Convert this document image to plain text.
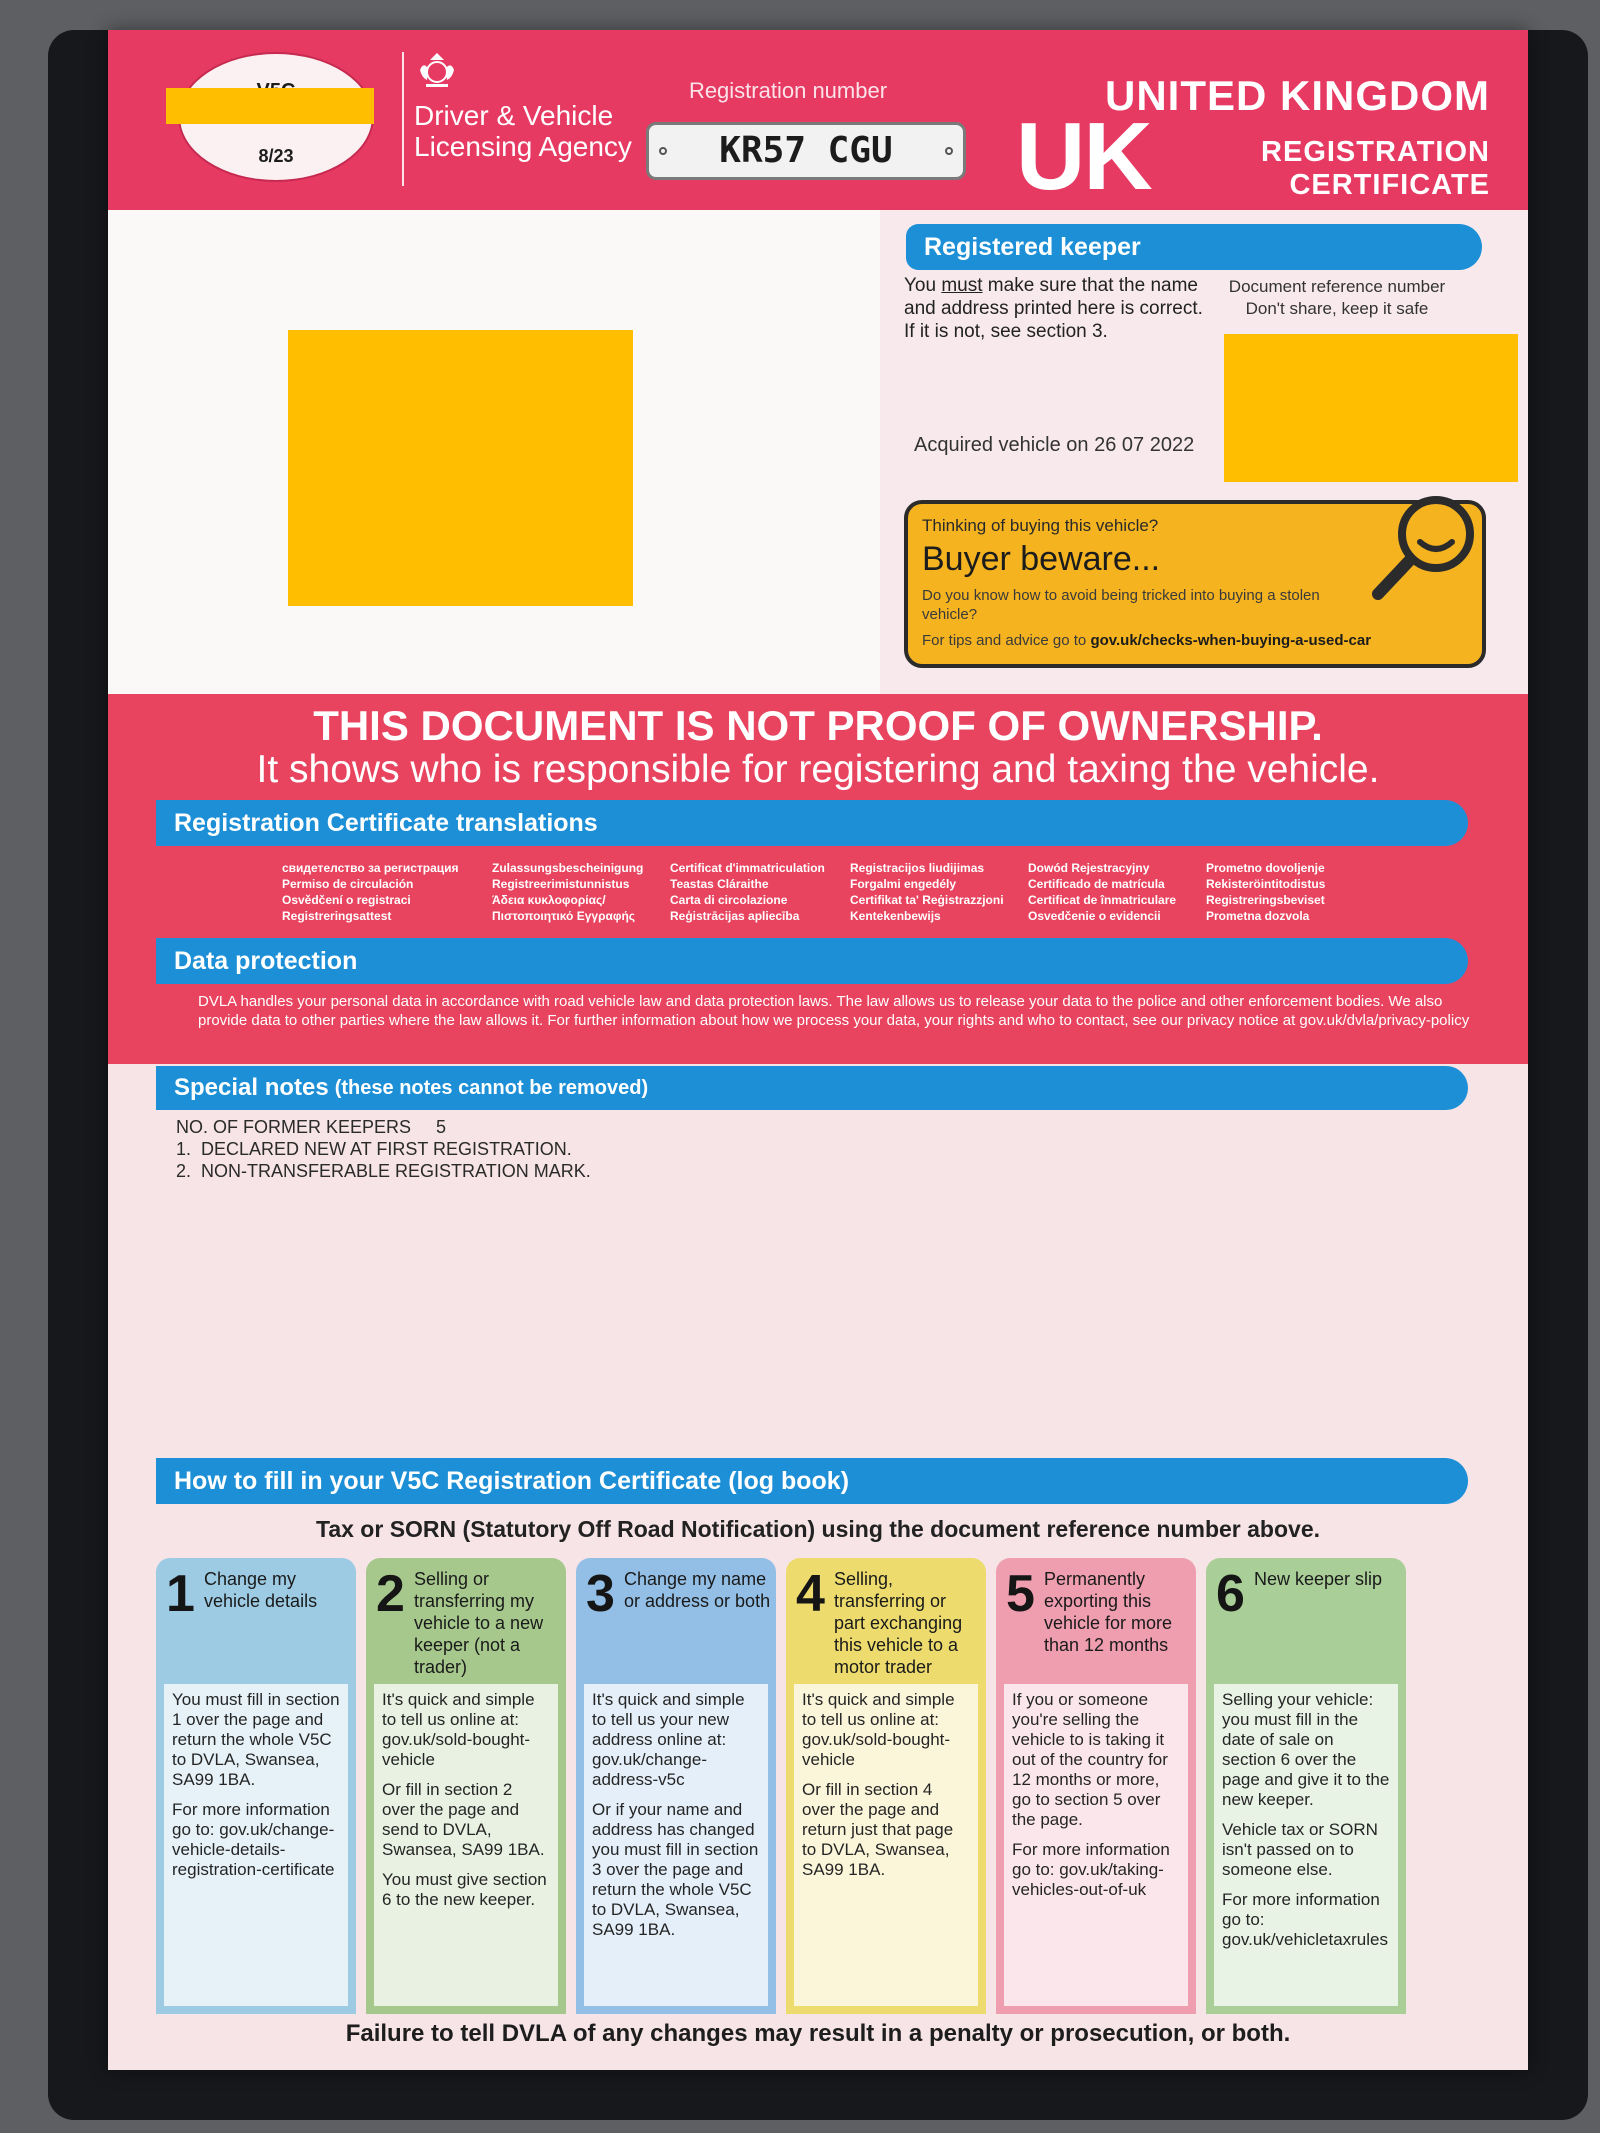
8/23
Driver & Vehicle Licensing Agency
Registration number
KR57 CGU
UNITED KINGDOM
UK	REGISTRATION CERTIFICATE
Registered keeper
You must make sure that the name and address printed here is correct. If it is not, see section 3.
Document reference number
Don't share, keep it safe
Acquired vehicle on 26 07 2022
Thinking of buying this vehicle?
Buyer beware...
Do you know how to avoid being tricked into buying a stolen vehicle?
For tips and advice go to gov.uk/checks-when-buying-a-used-car
THIS DOCUMENT IS NOT PROOF OF OWNERSHIP.
It shows who is responsible for registering and taxing the vehicle.
Registration Certificate translations
свидетелство за регистрация
Permiso de circulación
Osvědčení o registraci
Registreringsattest
Zulassungsbescheinigung
Registreerimistunnistus
Άδεια κυκλοφορίας/
Πιστοποιητικό Εγγραφής
Certificat d'immatriculation
Teastas Cláraithe
Carta di circolazione
Reģistrācijas apliecība
Registracijos liudijimas
Forgalmi engedély
Certifikat ta' Reġistrazzjoni
Kentekenbewijs
Dowód Rejestracyjny
Certificado de matrícula
Certificat de înmatriculare
Osvedčenie o evidencii
Prometno dovoljenje
Rekisteröintitodistus
Registreringsbeviset
Prometna dozvola
Data protection
DVLA handles your personal data in accordance with road vehicle law and data protection laws. The law allows us to release your data to the police and other enforcement bodies. We also provide data to other parties where the law allows it. For further information about how we process your data, your rights and who to contact, see our privacy notice at gov.uk/dvla/privacy-policy
Special notes (these notes cannot be removed)
NO. OF FORMER KEEPERS     5
1.  DECLARED NEW AT FIRST REGISTRATION.
2.  NON-TRANSFERABLE REGISTRATION MARK.
How to fill in your V5C Registration Certificate (log book)
Tax or SORN (Statutory Off Road Notification) using the document reference number above.
1 Change my vehicle details

You must fill in section 1 over the page and return the whole V5C to DVLA, Swansea, SA99 1BA.

For more information go to: gov.uk/change-vehicle-details-registration-certificate

2 Selling or transferring my vehicle to a new keeper (not a trader)

It's quick and simple to tell us online at: gov.uk/sold-bought-vehicle

Or fill in section 2 over the page and send to DVLA, Swansea, SA99 1BA.

You must give section 6 to the new keeper.

3 Change my name or address or both

It's quick and simple to tell us your new address online at: gov.uk/change-address-v5c

Or if your name and address has changed you must fill in section 3 over the page and return the whole V5C to DVLA, Swansea, SA99 1BA.

4 Selling, transferring or part exchanging this vehicle to a motor trader

It's quick and simple to tell us online at: gov.uk/sold-bought-vehicle

Or fill in section 4 over the page and return just that page to DVLA, Swansea, SA99 1BA.

5 Permanently exporting this vehicle for more than 12 months

If you or someone you're selling the vehicle to is taking it out of the country for 12 months or more, go to section 5 over the page.

For more information go to: gov.uk/taking-vehicles-out-of-uk

6 New keeper slip

Selling your vehicle: you must fill in the date of sale on section 6 over the page and give it to the new keeper.

Vehicle tax or SORN isn't passed on to someone else.

For more information go to: gov.uk/vehicletaxrules

Failure to tell DVLA of any changes may result in a penalty or prosecution, or both.
